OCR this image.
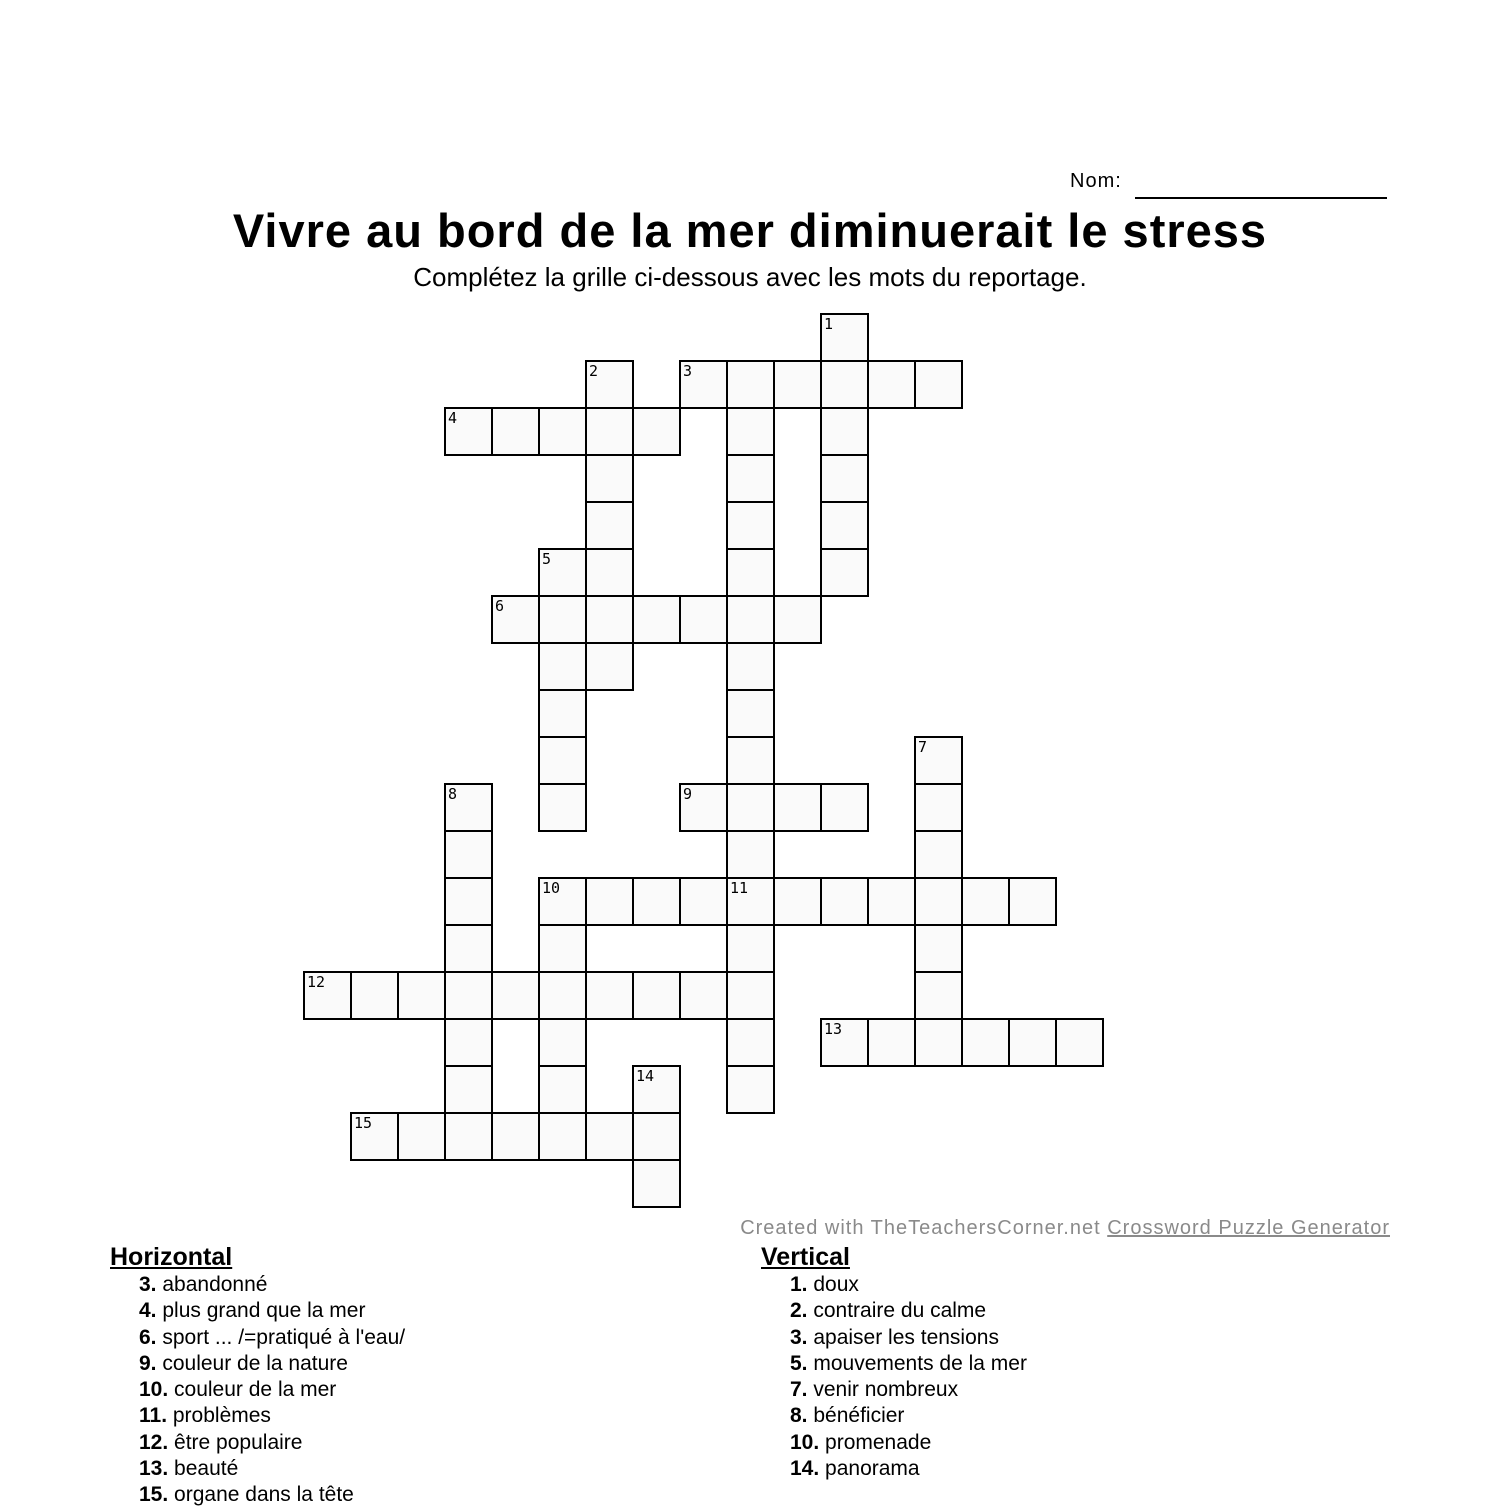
Nom:
Vivre au bord de la mer diminuerait le stress
Complétez la grille ci-dessous avec les mots du reportage.
1
2	3
4
5
6
7
8	9
10	11
12
13
14
15
Created with TheTeachersCorner.net Crossword Puzzle Generator
Horizontal
3. abandonné
4. plus grand que la mer
6. sport ... /=pratiqué à l'eau/
9. couleur de la nature
10. couleur de la mer
11. problèmes
12. être populaire
13. beauté
15. organe dans la tête
Vertical
1. doux
2. contraire du calme
3. apaiser les tensions
5. mouvements de la mer
7. venir nombreux
8. bénéficier
10. promenade
14. panorama
